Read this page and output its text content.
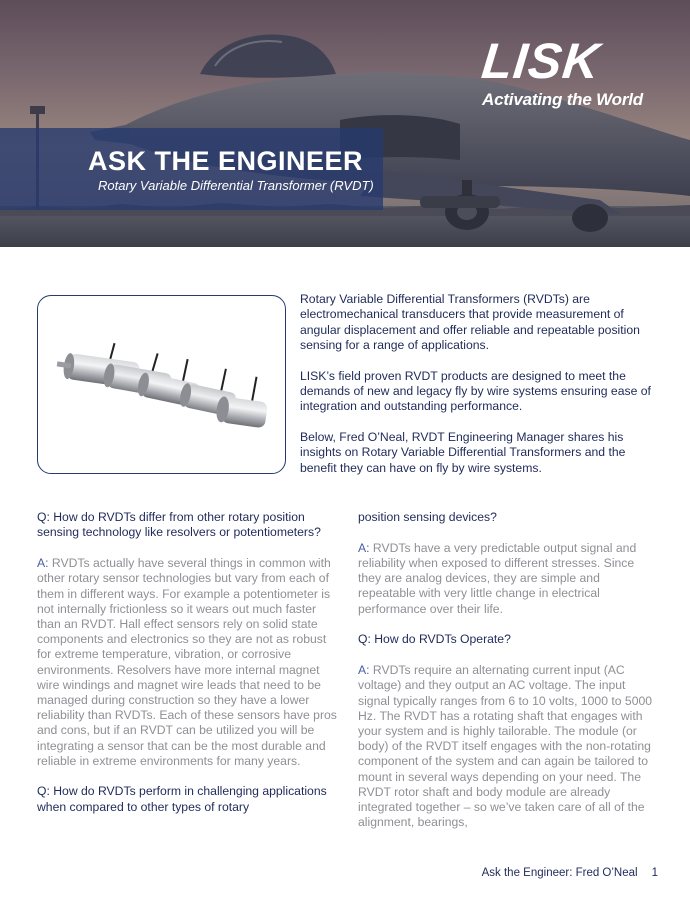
ASK THE ENGINEER
Rotary Variable Differential Transformer (RVDT)
LISK
Activating the World

Rotary Variable Differential Transformers (RVDTs) are electromechanical transducers that provide measurement of angular displacement and offer reliable and repeatable position sensing for a range of applications.

LISK’s field proven RVDT products are designed to meet the demands of new and legacy fly by wire systems ensuring ease of integration and outstanding performance.

Below, Fred O’Neal, RVDT Engineering Manager shares his insights on Rotary Variable Differential Transformers and the benefit they can have on fly by wire systems.

Q: How do RVDTs differ from other rotary position sensing technology like resolvers or potentiometers?

A: RVDTs actually have several things in common with other rotary sensor technologies but vary from each of them in different ways. For example a potentiometer is not internally frictionless so it wears out much faster than an RVDT. Hall effect sensors rely on solid state components and electronics so they are not as robust for extreme temperature, vibration, or corrosive environments. Resolvers have more internal magnet wire windings and magnet wire leads that need to be managed during construction so they have a lower reliability than RVDTs. Each of these sensors have pros and cons, but if an RVDT can be utilized you will be integrating a sensor that can be the most durable and reliable in extreme environments for many years.

Q: How do RVDTs perform in challenging applications when compared to other types of rotary

position sensing devices?

A: RVDTs have a very predictable output signal and reliability when exposed to different stresses. Since they are analog devices, they are simple and repeatable with very little change in electrical performance over their life.

Q: How do RVDTs Operate?

A: RVDTs require an alternating current input (AC voltage) and they output an AC voltage. The input signal typically ranges from 6 to 10 volts, 1000 to 5000 Hz. The RVDT has a rotating shaft that engages with your system and is highly tailorable. The module (or body) of the RVDT itself engages with the non-rotating component of the system and can again be tailored to mount in several ways depending on your need. The RVDT rotor shaft and body module are already integrated together – so we’ve taken care of all of the alignment, bearings,

Ask the Engineer: Fred O’Neal 1
